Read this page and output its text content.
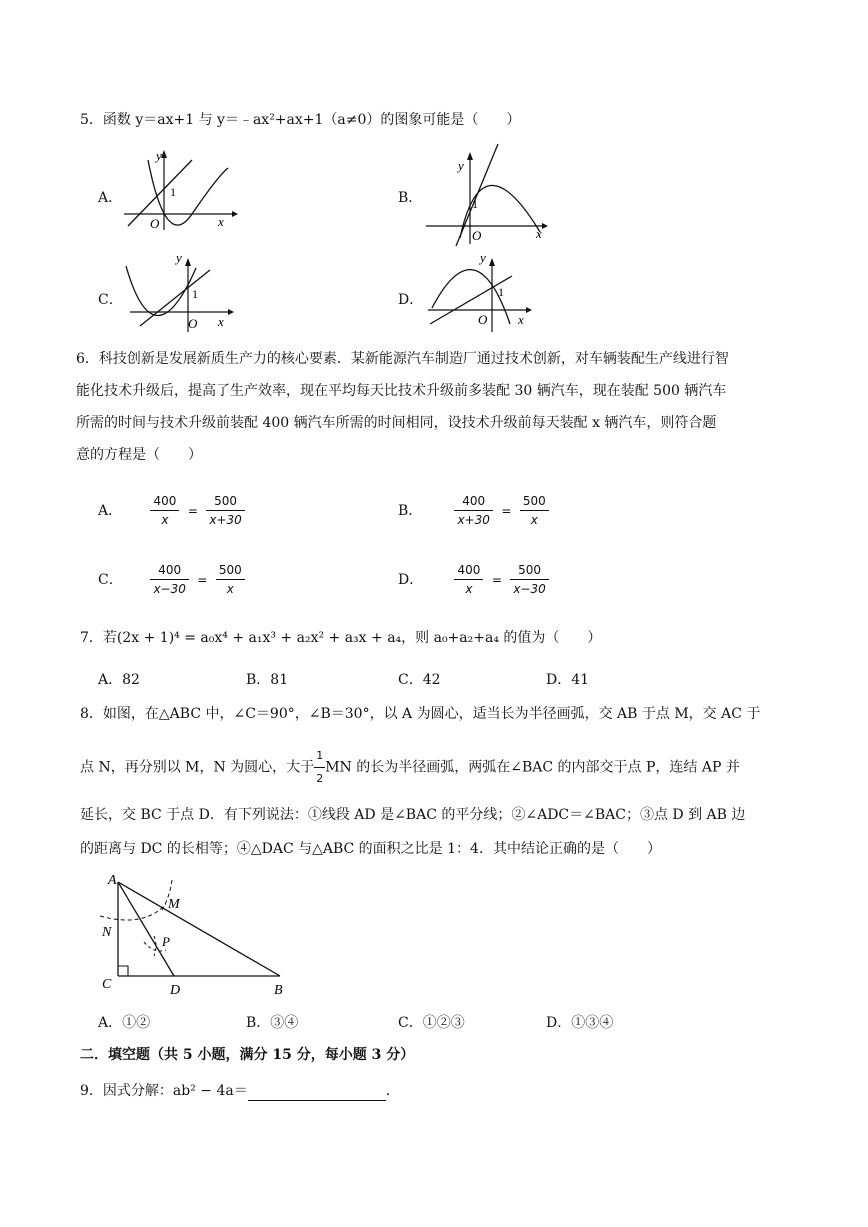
5．函数 y＝ax+1 与 y＝﹣ax²+ax+1（a≠0）的图象可能是（　　）
A．
y
1
O	x
B．
y
1
O	x
C．
y
1
O x
D．
y
1
O x
6．科技创新是发展新质生产力的核心要素．某新能源汽车制造厂通过技术创新，对车辆装配生产线进行智
能化技术升级后，提高了生产效率，现在平均每天比技术升级前多装配 30 辆汽车，现在装配 500 辆汽车
所需的时间与技术升级前装配 400 辆汽车所需的时间相同，设技术升级前每天装配 x 辆汽车，则符合题
意的方程是（　　）
A． $\frac{400}{x} = \frac{500}{x+30}$	B．	$\frac{400}{x+30} = \frac{500}{x}$
C． $\frac{400}{x-30} = \frac{500}{x}$	D．	$\frac{400}{x} = \frac{500}{x-30}$
7．若(2x + 1)⁴ = a₀x⁴ + a₁x³ + a₂x² + a₃x + a₄，则 a₀+a₂+a₄ 的值为（　　）
A．82	B．81	C．42	D．41
8．如图，在△ABC 中，∠C＝90°，∠B＝30°，以 A 为圆心，适当长为半径画弧，交 AB 于点 M，交 AC 于
点 N，再分别以 M，N 为圆心，大于 $\frac{1}{2}$ MN 的长为半径画弧，两弧在∠BAC 的内部交于点 P，连结 AP 并
延长，交 BC 于点 D．有下列说法：①线段 AD 是∠BAC 的平分线；②∠ADC＝∠BAC；③点 D 到 AB 边
的距离与 DC 的长相等；④△DAC 与△ABC 的面积之比是 1：4．其中结论正确的是（　　）
A
M
N
P
C	D	B
A．①②	B．③④	C．①②③	D．①③④
二．填空题（共 5 小题，满分 15 分，每小题 3 分）
9．因式分解：ab² − 4a＝	．
